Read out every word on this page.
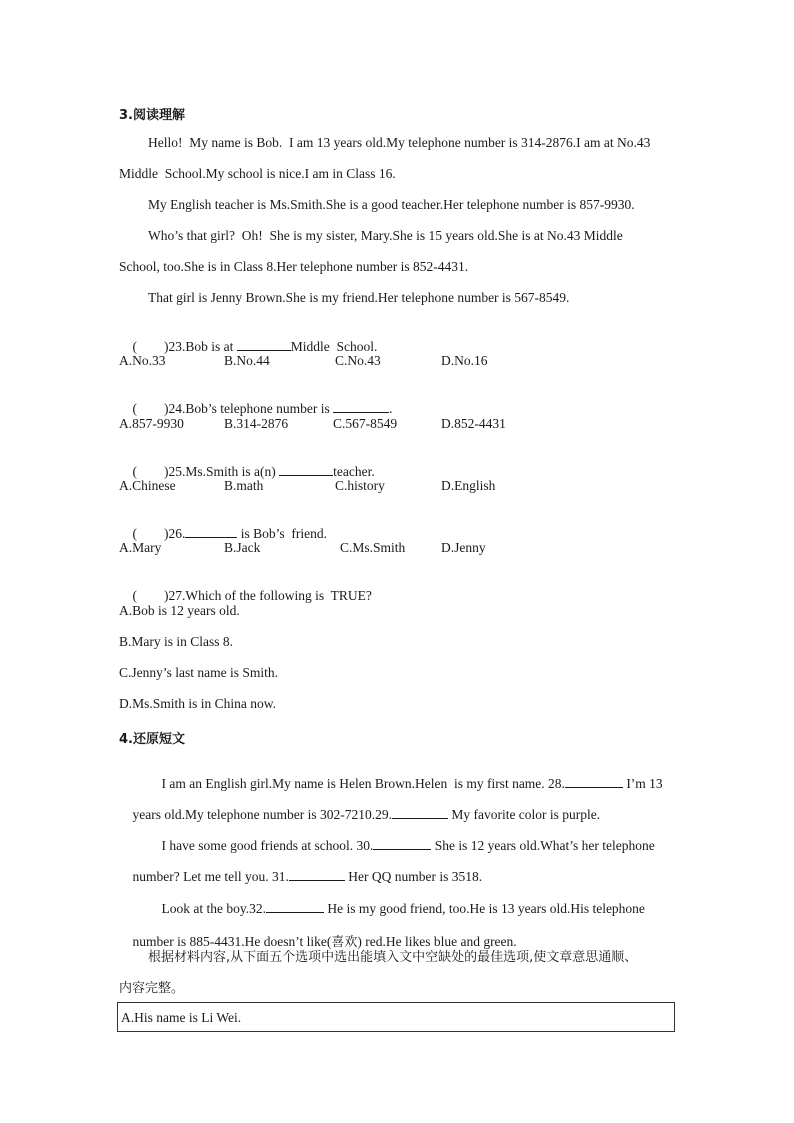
3.阅读理解
Hello!  My name is Bob.  I am 13 years old.My telephone number is 314-2876.I am at No.43
Middle  School.My school is nice.I am in Class 16.
My English teacher is Ms.Smith.She is a good teacher.Her telephone number is 857-9930.
Who’s that girl?  Oh!  She is my sister, Mary.She is 15 years old.She is at No.43 Middle
School, too.She is in Class 8.Her telephone number is 852-4431.
That girl is Jenny Brown.She is my friend.Her telephone number is 567-8549.

(        )23.Bob is at	Middle  School.

A.No.33	B.No.44	C.No.43	D.No.16

(        )24.Bob’s telephone number is	.

A.857-9930	B.314-2876	C.567-8549	D.852-4431

(        )25.Ms.Smith is a(n)	teacher.

A.Chinese	B.math	C.history	D.English

(        )26.	is Bob’s  friend.

A.Mary	B.Jack	C.Ms.Smith	D.Jenny

(        )27.Which of the following is  TRUE?

A.Bob is 12 years old.
B.Mary is in Class 8.
C.Jenny’s last name is Smith.
D.Ms.Smith is in China now.
4.还原短文

I am an English girl.My name is Helen Brown.Helen  is my first name. 28.	I’m 13

years old.My telephone number is 302-7210.29.	My favorite color is purple.

I have some good friends at school. 30.	She is 12 years old.What’s her telephone

number? Let me tell you. 31.	Her QQ number is 3518.

Look at the boy.32.	He is my good friend, too.He is 13 years old.His telephone

number is 885-4431.He doesn’t like(喜欢) red.He likes blue and green.

根据材料内容,从下面五个选项中选出能填入文中空缺处的最佳选项,使文章意思通顺、
内容完整。
A.His name is Li Wei.
